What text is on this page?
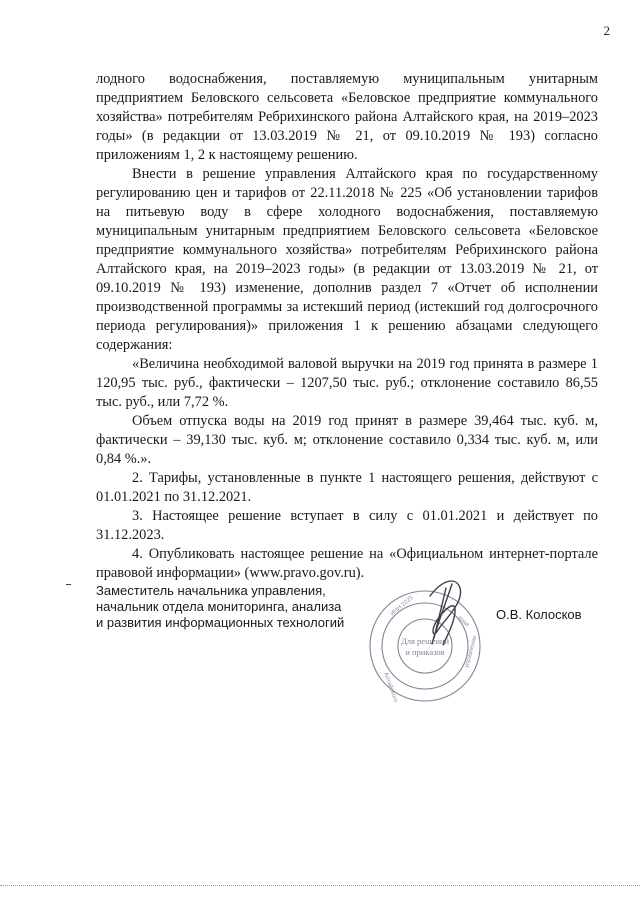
2

лодного водоснабжения, поставляемую муниципальным унитарным предприятием Беловского сельсовета «Беловское предприятие коммунального хозяйства» потребителям Ребрихинского района Алтайского края, на 2019–2023 годы» (в редакции от 13.03.2019 № 21, от 09.10.2019 № 193) согласно приложениям 1, 2 к настоящему решению.

Внести в решение управления Алтайского края по государственному регулированию цен и тарифов от 22.11.2018 № 225 «Об установлении тарифов на питьевую воду в сфере холодного водоснабжения, поставляемую муниципальным унитарным предприятием Беловского сельсовета «Беловское предприятие коммунального хозяйства» потребителям Ребрихинского района Алтайского края, на 2019–2023 годы» (в редакции от 13.03.2019 № 21, от 09.10.2019 № 193) изменение, дополнив раздел 7 «Отчет об исполнении производственной программы за истекший период (истекший год долгосрочного периода регулирования)» приложения 1 к решению абзацами следующего содержания:

«Величина необходимой валовой выручки на 2019 год принята в размере 1 120,95 тыс. руб., фактически – 1207,50 тыс. руб.; отклонение составило 86,55 тыс. руб., или 7,72 %.

Объем отпуска воды на 2019 год принят в размере 39,464 тыс. куб. м, фактически – 39,130 тыс. куб. м; отклонение составило 0,334 тыс. куб. м, или 0,84 %.».

2. Тарифы, установленные в пункте 1 настоящего решения, действуют с 01.01.2021 по 31.12.2021.

3. Настоящее решение вступает в силу с 01.01.2021 и действует по 31.12.2023.

4. Опубликовать настоящее решение на «Официальном интернет-портале правовой информации» (www.pravo.gov.ru).

Заместитель начальника управления,
начальник отдела мониторинга, анализа
и развития информационных технологий
Для решений
и приказов
ИНН 2225
Алтайского
края
управление
О.В. Колосков
